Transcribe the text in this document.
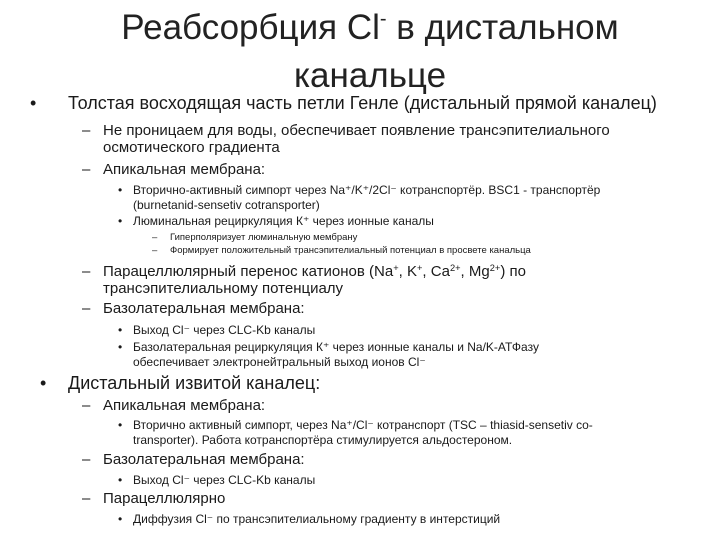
Реабсорбция Cl- в дистальном
канальце
• Толстая восходящая часть петли Генле (дистальный прямой каналец)
– Не проницаем для воды, обеспечивает появление трансэпителиального
осмотического градиента
– Апикальная мембрана:
• Вторично-активный симпорт через Na⁺/K⁺/2Cl⁻ котранспортёр. BSC1 - транспортёр
(burnetanid-sensetiv cotransporter)
• Люминальная рециркуляция К⁺ через ионные каналы
– Гиперполяризует люминальную мембрану
– Формирует положительный трансэпителиальный потенциал в просвете канальца
– Парацеллюлярный перенос катионов (Na+, K+, $Ca^{2+}$, $Mg^{2+}$) по
трансэпителиальному потенциалу
– Базолатеральная мембрана:
• Выход Cl⁻ через CLC-Kb каналы
• Базолатеральная рециркуляция К⁺ через ионные каналы и Na/K-АТФазу
обеспечивает электронейтральный выход ионов Cl⁻
• Дистальный извитой каналец:
– Апикальная мембрана:
• Вторично активный симпорт, через Na⁺/Cl⁻ котранспорт (TSC – thiasid-sensetiv co-
transporter). Работа котранспортёра стимулируется альдостероном.
– Базолатеральная мембрана:
• Выход Cl⁻ через CLC-Kb каналы
– Парацеллюлярно
• Диффузия Cl⁻ по трансэпителиальному градиенту в интерстиций
